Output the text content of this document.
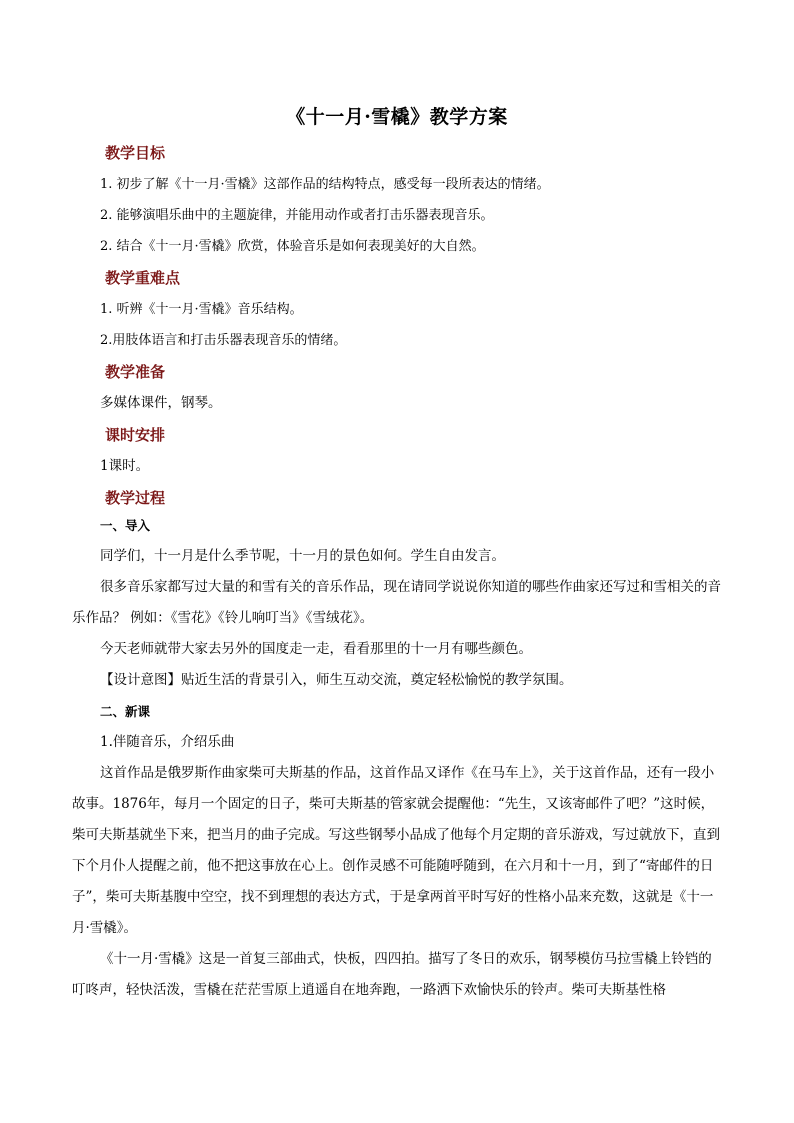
《十一月·雪橇》教学方案

教学目标

1. 初步了解《十一月·雪橇》这部作品的结构特点，感受每一段所表达的情绪。

2. 能够演唱乐曲中的主题旋律，并能用动作或者打击乐器表现音乐。

2. 结合《十一月·雪橇》欣赏，体验音乐是如何表现美好的大自然。

教学重难点

1. 听辨《十一月·雪橇》音乐结构。

2.用肢体语言和打击乐器表现音乐的情绪。

教学准备

多媒体课件，钢琴。

课时安排

1课时。

教学过程

一、导入

同学们，十一月是什么季节呢，十一月的景色如何。学生自由发言。

很多音乐家都写过大量的和雪有关的音乐作品，现在请同学说说你知道的哪些作曲家还写过和雪相关的音乐作品？ 例如：《雪花》《铃儿响叮当》《雪绒花》。

今天老师就带大家去另外的国度走一走，看看那里的十一月有哪些颜色。

【设计意图】贴近生活的背景引入，师生互动交流，奠定轻松愉悦的教学氛围。

二、新课

1.伴随音乐，介绍乐曲

这首作品是俄罗斯作曲家柴可夫斯基的作品，这首作品又译作《在马车上》，关于这首作品，还有一段小故事。1876年，每月一个固定的日子，柴可夫斯基的管家就会提醒他：“先生，又该寄邮件了吧？”这时候，柴可夫斯基就坐下来，把当月的曲子完成。写这些钢琴小品成了他每个月定期的音乐游戏，写过就放下，直到下个月仆人提醒之前，他不把这事放在心上。创作灵感不可能随呼随到，在六月和十一月，到了“寄邮件的日子”，柴可夫斯基腹中空空，找不到理想的表达方式，于是拿两首平时写好的性格小品来充数，这就是《十一月·雪橇》。

《十一月·雪橇》这是一首复三部曲式，快板，四四拍。描写了冬日的欢乐，钢琴模仿马拉雪橇上铃铛的叮咚声，轻快活泼，雪橇在茫茫雪原上逍遥自在地奔跑，一路洒下欢愉快乐的铃声。柴可夫斯基性格
